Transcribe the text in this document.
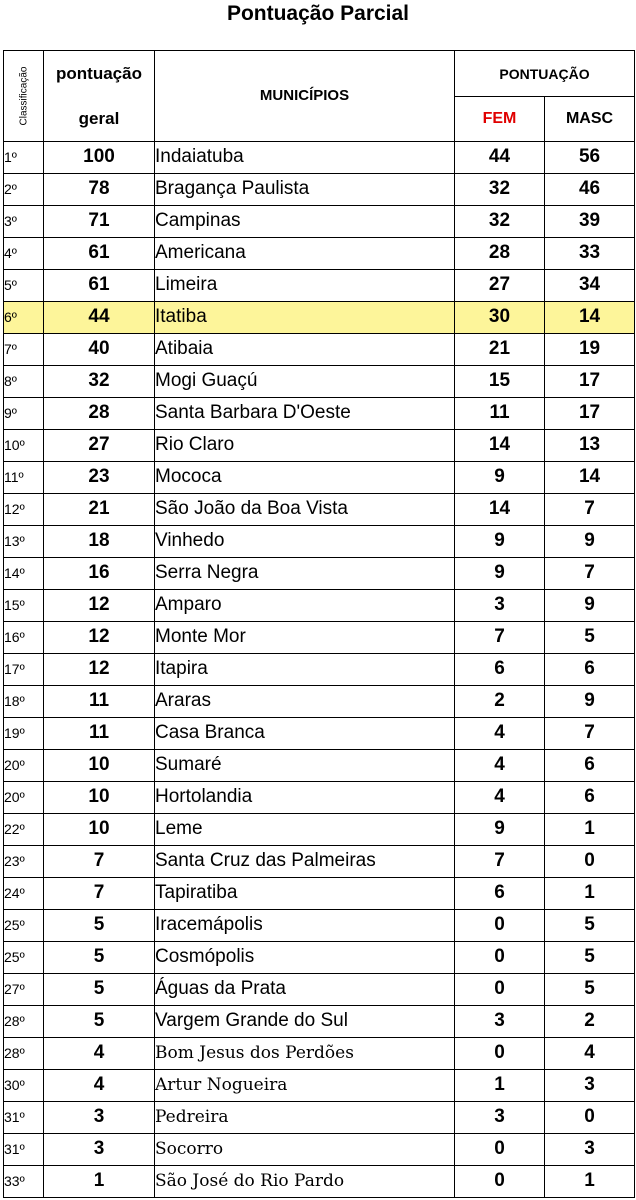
Pontuação Parcial
Classificação	pontuação	MUNICÍPIOS	PONTUAÇÃO	
	geral		FEM	MASC
1º	100	Indaiatuba	44	56
2º	78	Bragança Paulista	32	46
3º	71	Campinas	32	39
4º	61	Americana	28	33
5º	61	Limeira	27	34
6º	44	Itatiba	30	14
7º	40	Atibaia	21	19
8º	32	Mogi Guaçú	15	17
9º	28	Santa Barbara D'Oeste	11	17
10º	27	Rio Claro	14	13
11º	23	Mococa	9	14
12º	21	São João da Boa Vista	14	7
13º	18	Vinhedo	9	9
14º	16	Serra Negra	9	7
15º	12	Amparo	3	9
16º	12	Monte Mor	7	5
17º	12	Itapira	6	6
18º	11	Araras	2	9
19º	11	Casa Branca	4	7
20º	10	Sumaré	4	6
20º	10	Hortolandia	4	6
22º	10	Leme	9	1
23º	7	Santa Cruz das Palmeiras	7	0
24º	7	Tapiratiba	6	1
25º	5	Iracemápolis	0	5
25º	5	Cosmópolis	0	5
27º	5	Águas da Prata	0	5
28º	5	Vargem Grande do Sul	3	2
28º	4	Bom Jesus dos Perdões	0	4
30º	4	Artur Nogueira	1	3
31º	3	Pedreira	3	0
31º	3	Socorro	0	3
33º	1	São José do Rio Pardo	0	1
